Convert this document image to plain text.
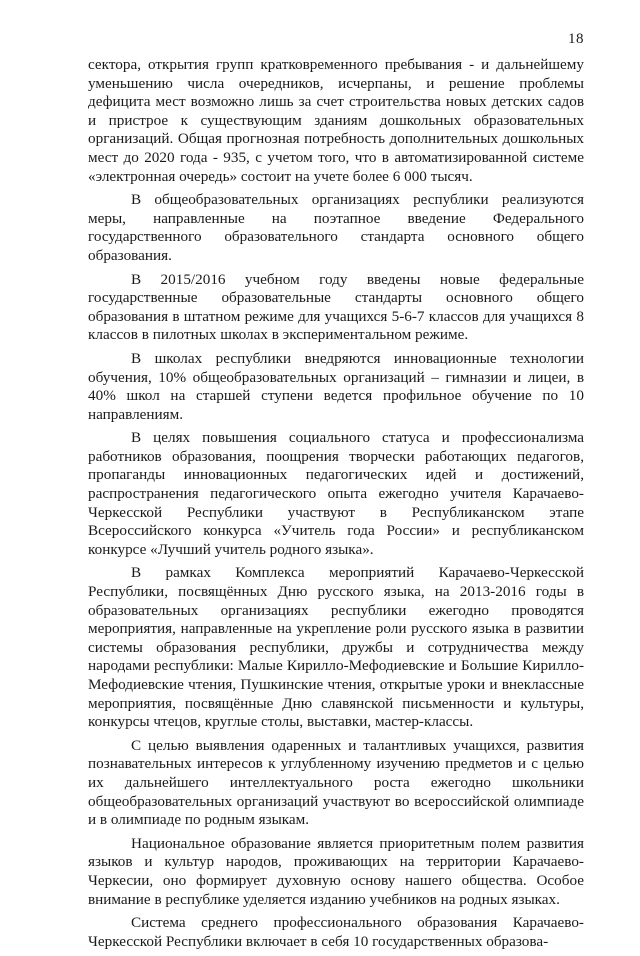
18

сектора, открытия групп кратковременного пребывания - и дальнейшему уменьшению числа очередников, исчерпаны, и решение проблемы дефицита мест возможно лишь за счет строительства новых детских садов и пристрое к существующим зданиям дошкольных образовательных организаций. Общая прогнозная потребность дополнительных дошкольных мест до 2020 года - 935, с учетом того, что в автоматизированной системе «электронная очередь» состоит на учете более 6 000 тысяч.

В общеобразовательных организациях республики реализуются меры, направленные на поэтапное введение Федерального государственного образовательного стандарта основного общего образования.

В 2015/2016 учебном году введены новые федеральные государственные образовательные стандарты основного общего образования в штатном режиме для учащихся 5-6-7 классов для учащихся 8 классов в пилотных школах в экспериментальном режиме.

В школах республики внедряются инновационные технологии обучения, 10% общеобразовательных организаций – гимназии и лицеи, в 40% школ на старшей ступени ведется профильное обучение по 10 направлениям.

В целях повышения социального статуса и профессионализма работников образования, поощрения творчески работающих педагогов, пропаганды инновационных педагогических идей и достижений, распространения педагогического опыта ежегодно учителя Карачаево-Черкесской Республики участвуют в Республиканском этапе Всероссийского конкурса «Учитель года России» и республиканском конкурсе «Лучший учитель родного языка».

В рамках Комплекса мероприятий Карачаево-Черкесской Республики, посвящённых Дню русского языка, на 2013-2016 годы в образовательных организациях республики ежегодно проводятся мероприятия, направленные на укрепление роли русского языка в развитии системы образования республики, дружбы и сотрудничества между народами республики: Малые Кирилло-Мефодиевские и Большие Кирилло-Мефодиевские чтения, Пушкинские чтения, открытые уроки и внеклассные мероприятия, посвящённые Дню славянской письменности и культуры, конкурсы чтецов, круглые столы, выставки, мастер-классы.

С целью выявления одаренных и талантливых учащихся, развития познавательных интересов к углубленному изучению предметов и с целью их дальнейшего интеллектуального роста ежегодно школьники общеобразовательных организаций участвуют во всероссийской олимпиаде и в олимпиаде по родным языкам.

Национальное образование является приоритетным полем развития языков и культур народов, проживающих на территории Карачаево-Черкесии, оно формирует духовную основу нашего общества. Особое внимание в республике уделяется изданию учебников на родных языках.

Система среднего профессионального образования Карачаево-Черкесской Республики включает в себя 10 государственных образова-
